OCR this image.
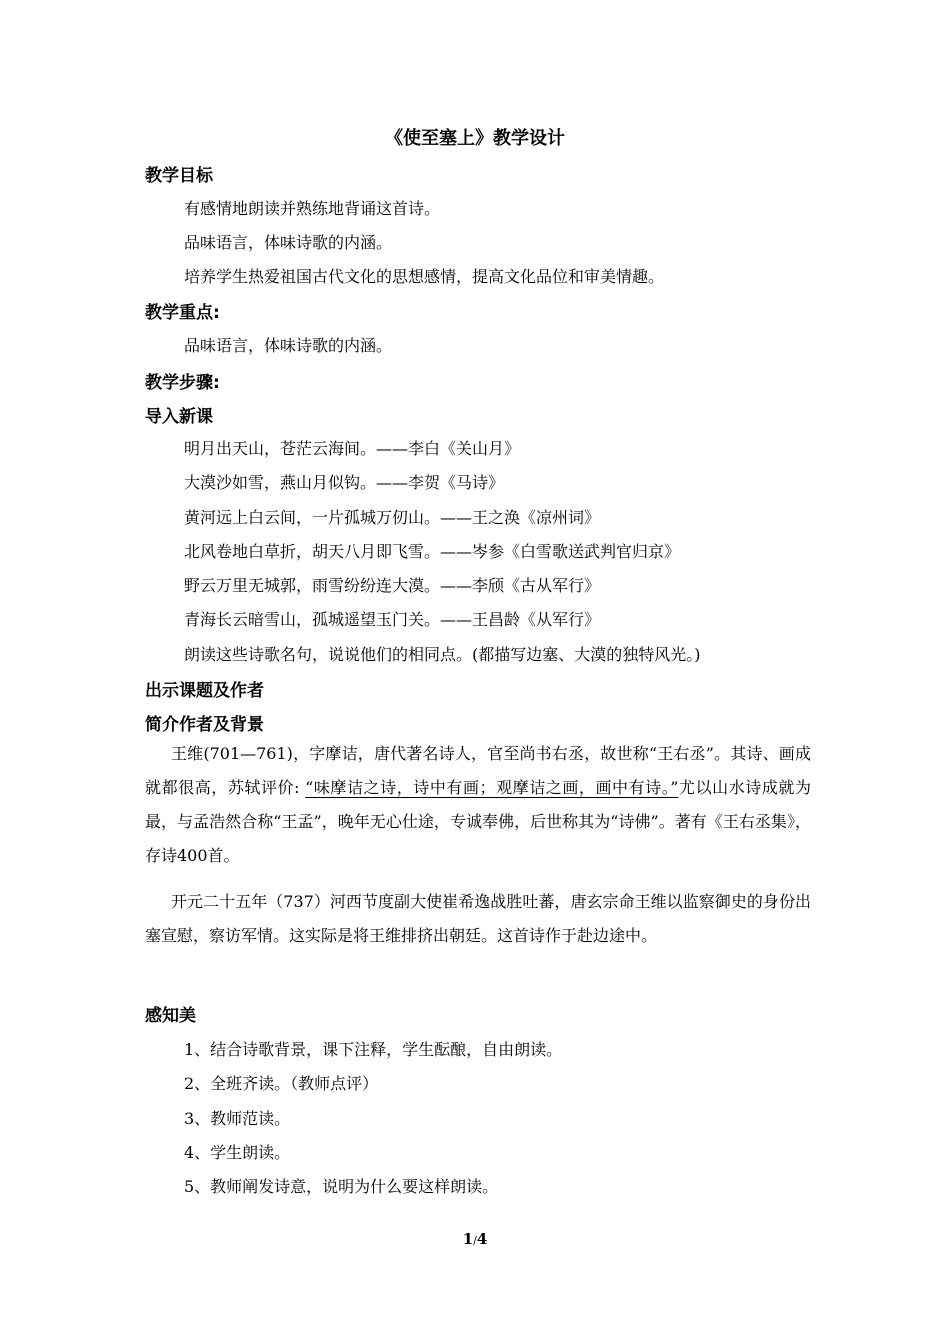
《使至塞上》教学设计
教学目标
有感情地朗读并熟练地背诵这首诗。
品味语言，体味诗歌的内涵。
培养学生热爱祖国古代文化的思想感情，提高文化品位和审美情趣。
教学重点:
品味语言，体味诗歌的内涵。
教学步骤:
导入新课
明月出天山，苍茫云海间。——李白《关山月》
大漠沙如雪，燕山月似钩。——李贺《马诗》
黄河远上白云间，一片孤城万仞山。——王之涣《凉州词》
北风卷地白草折，胡天八月即飞雪。——岑参《白雪歌送武判官归京》
野云万里无城郭，雨雪纷纷连大漠。——李颀《古从军行》
青海长云暗雪山，孤城遥望玉门关。——王昌龄《从军行》
朗读这些诗歌名句，说说他们的相同点。(都描写边塞、大漠的独特风光。)
出示课题及作者
简介作者及背景
王维(701—761)，字摩诘，唐代著名诗人，官至尚书右丞，故世称“王右丞”。其诗、画成就都很高，苏轼评价: “味摩诘之诗，诗中有画；观摩诘之画，画中有诗。”尤以山水诗成就为最，与孟浩然合称“王孟”，晚年无心仕途，专诚奉佛，后世称其为“诗佛”。著有《王右丞集》，存诗400首。
开元二十五年（737）河西节度副大使崔希逸战胜吐蕃，唐玄宗命王维以监察御史的身份出塞宣慰，察访军情。这实际是将王维排挤出朝廷。这首诗作于赴边途中。
感知美
1、结合诗歌背景，课下注释，学生酝酿，自由朗读。
2、全班齐读。（教师点评）
3、教师范读。
4、学生朗读。
5、教师阐发诗意，说明为什么要这样朗读。
1/4
